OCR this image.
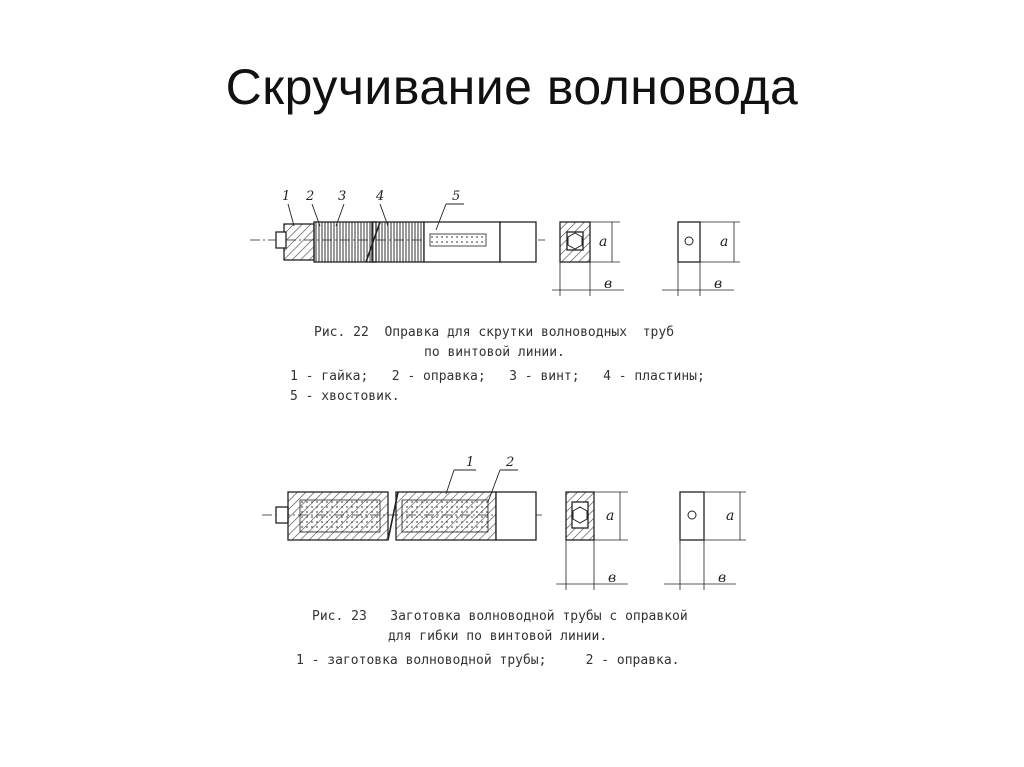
Скручивание волновода
1 2 3 4	5
a	a
в	в
Рис. 22  Оправка для скрутки волноводных  труб
по винтовой линии.
1 - гайка;   2 - оправка;   3 - винт;   4 - пластины;
5 - хвостовик.
1 2
a	a
в	в
Рис. 23   Заготовка волноводной трубы с оправкой
для гибки по винтовой линии.
1 - заготовка волноводной трубы;     2 - оправка.
